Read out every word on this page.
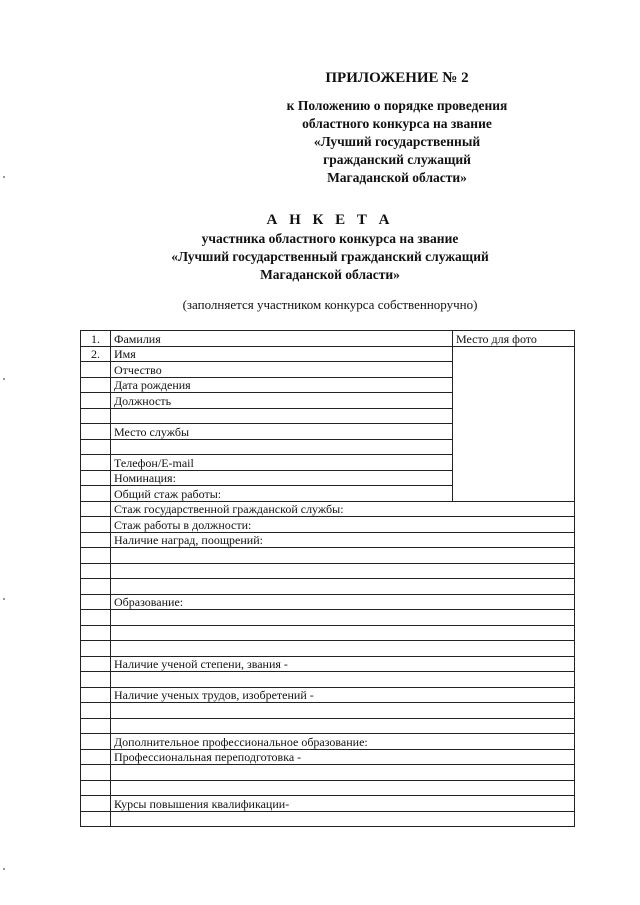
ПРИЛОЖЕНИЕ № 2
к Положению о порядке проведения
областного конкурса на звание
«Лучший государственный
гражданский служащий
Магаданской области»
А Н К Е Т А
участника областного конкурса на звание
«Лучший государственный гражданский служащий
Магаданской области»
(заполняется участником конкурса собственноручно)
1.	Фамилия	Место для фото
2.	Имя	
	Отчество	
	Дата рождения	
	Должность	

	Место службы	

	Телефон/E-mail	
	Номинация:	
	Общий стаж работы:	
	Стаж государственной гражданской службы:	
	Стаж работы в должности:	
	Наличие наград, поощрений:	

	Образование:	

	Наличие ученой степени, звания -	

	Наличие ученых трудов, изобретений -	

	Дополнительное профессиональное образование:	
	Профессиональная переподготовка -	

	Курсы повышения квалификации-	
